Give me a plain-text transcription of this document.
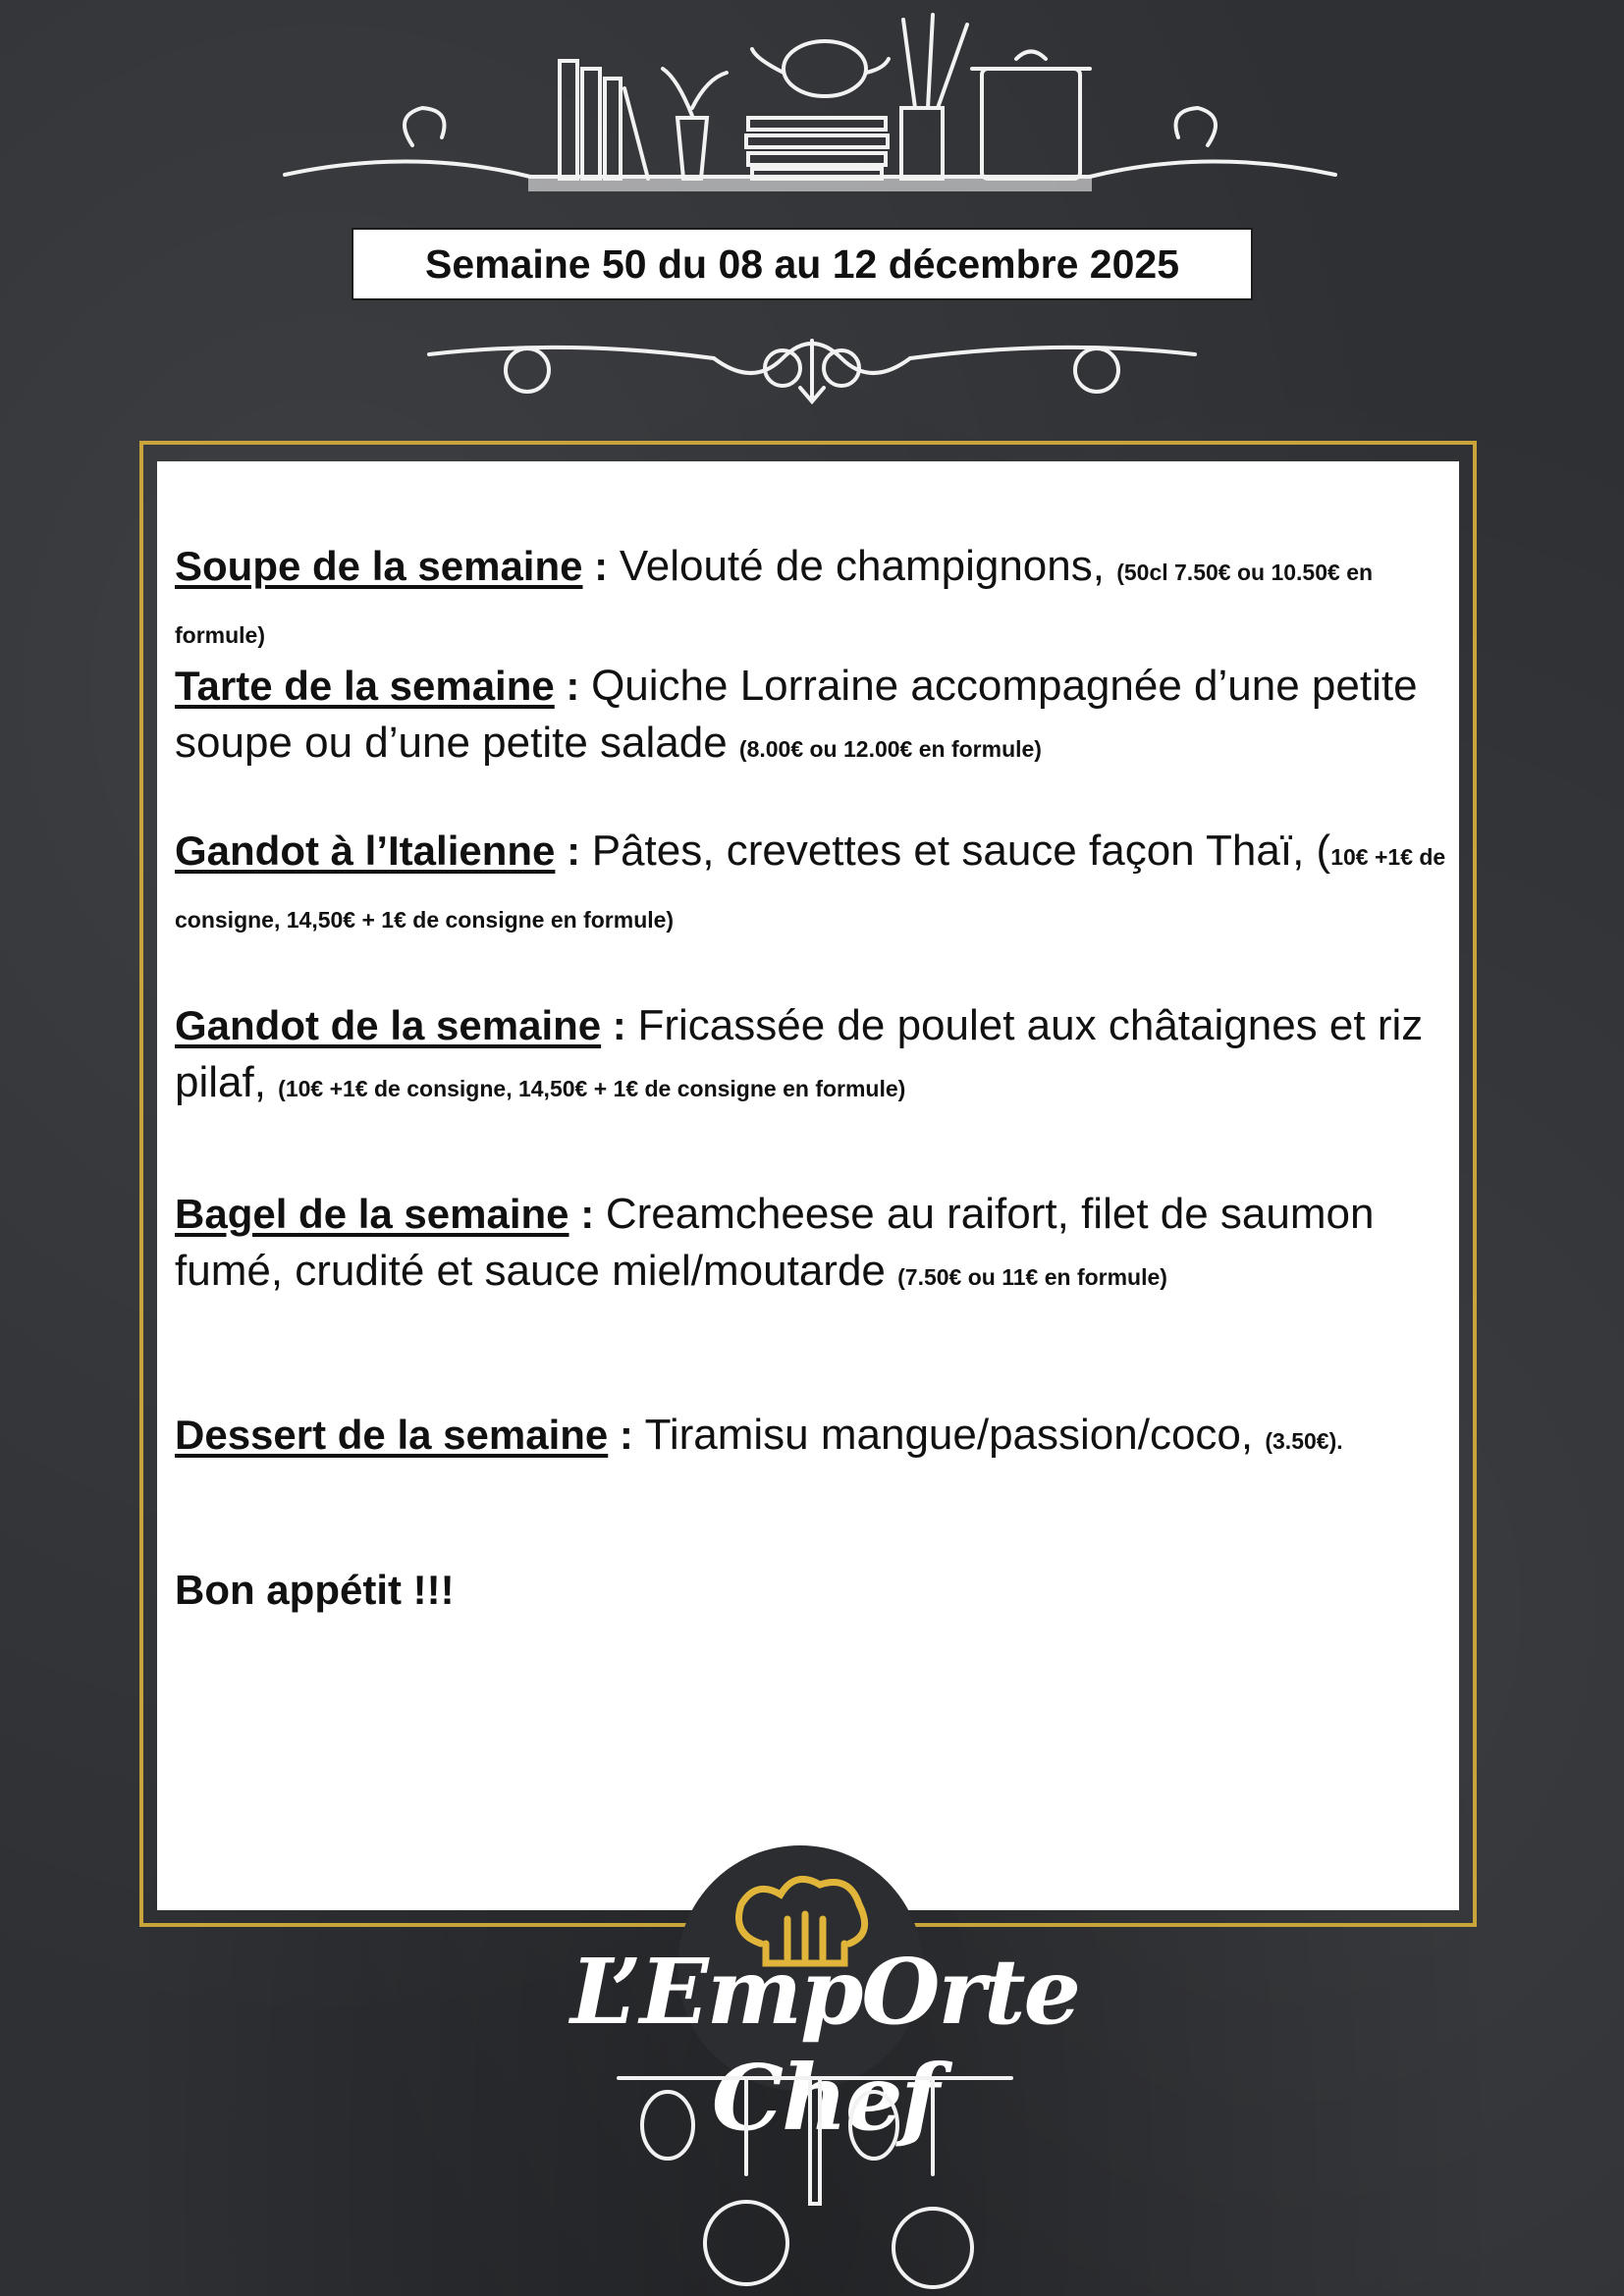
Semaine 50 du 08 au 12 décembre 2025
Soupe de la semaine : Velouté de champignons, (50cl 7.50€ ou 10.50€ en formule)
Tarte de la semaine : Quiche Lorraine accompagnée d’une petite soupe ou d’une petite salade (8.00€ ou 12.00€ en formule)
Gandot à l’Italienne : Pâtes, crevettes et sauce façon Thaï, (10€ +1€ de consigne, 14,50€ + 1€ de consigne en formule)
Gandot de la semaine : Fricassée de poulet aux châtaignes et riz pilaf, (10€ +1€ de consigne, 14,50€ + 1€ de consigne en formule)
Bagel de la semaine : Creamcheese au raifort, filet de saumon fumé, crudité et sauce miel/moutarde (7.50€ ou 11€ en formule)
Dessert de la semaine : Tiramisu mangue/passion/coco, (3.50€).
Bon appétit !!!
L’EmpOrte Chef
